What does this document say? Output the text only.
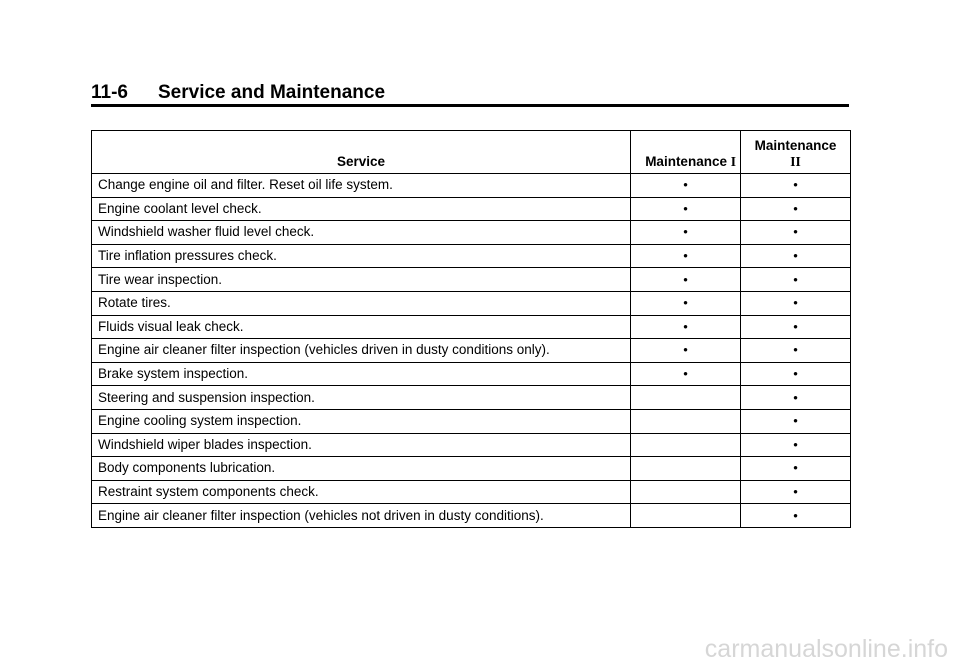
11-6 Service and Maintenance
Service	Maintenance I	Maintenance
II
Change engine oil and filter. Reset oil life system.	•	•
Engine coolant level check.	•	•
Windshield washer fluid level check.	•	•
Tire inflation pressures check.	•	•
Tire wear inspection.	•	•
Rotate tires.	•	•
Fluids visual leak check.	•	•
Engine air cleaner filter inspection (vehicles driven in dusty conditions only).	•	•
Brake system inspection.	•	•
Steering and suspension inspection.		•
Engine cooling system inspection.		•
Windshield wiper blades inspection.		•
Body components lubrication.		•
Restraint system components check.		•
Engine air cleaner filter inspection (vehicles not driven in dusty conditions).		•
carmanualsonline.info
